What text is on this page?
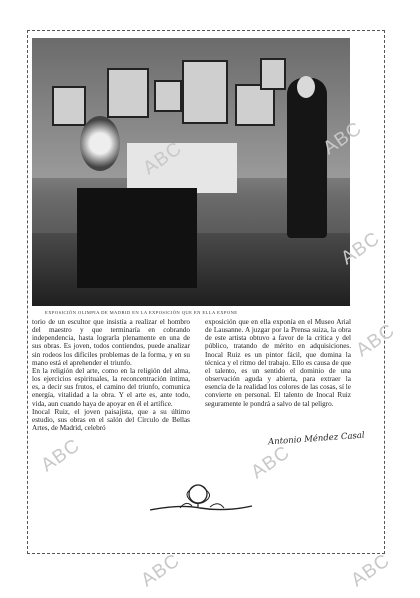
EXPOSICIÓN OLIMPIA DE MADRID EN LA EXPOSICIÓN QUE EN ELLA EXPONE

torio de un escultor que insistía a realizar el hombro del maestro y que terminaría en cobrando independencia, hasta lograrla plenamente en una de sus obras. Es joven, todos contiendos, puede analizar sin rodeos los difíciles problemas de la forma, y en su mano está el aprehender el triunfo.

En la religión del arte, como en la religión del alma, los ejercicios espirituales, la reconcentración íntima, es, a decir sus frutos, el camino del triunfo, comunica energía, vitalidad a la obra. Y el arte es, ante todo, vida, aun cuando haya de apoyar en él el artífice.

Inocal Ruiz, el joven paisajista, que a su último estudio, sus obras en el salón del Círculo de Bellas Artes, de Madrid, celebró

exposición que en ella exponía en el Museo Arial de Lausanne. A juzgar por la Prensa suiza, la obra de este artista obtuvo a favor de la crítica y del público, tratando de mérito en adquisiciones. Inocal Ruiz es un pintor fácil, que domina la técnica y el ritmo del trabajo. Ello es causa de que el talento, es un sentido el dominio de una observación aguda y abierta, para extraer la esencia de la realidad los colores de las cosas, sí le convierte en personal. El talento de Inocal Ruiz seguramente le pondrá a salvo de tal peligro.

Antonio Méndez Casal
ABC
ABC
ABC
ABC	ABC
ABC	ABC
ABC
